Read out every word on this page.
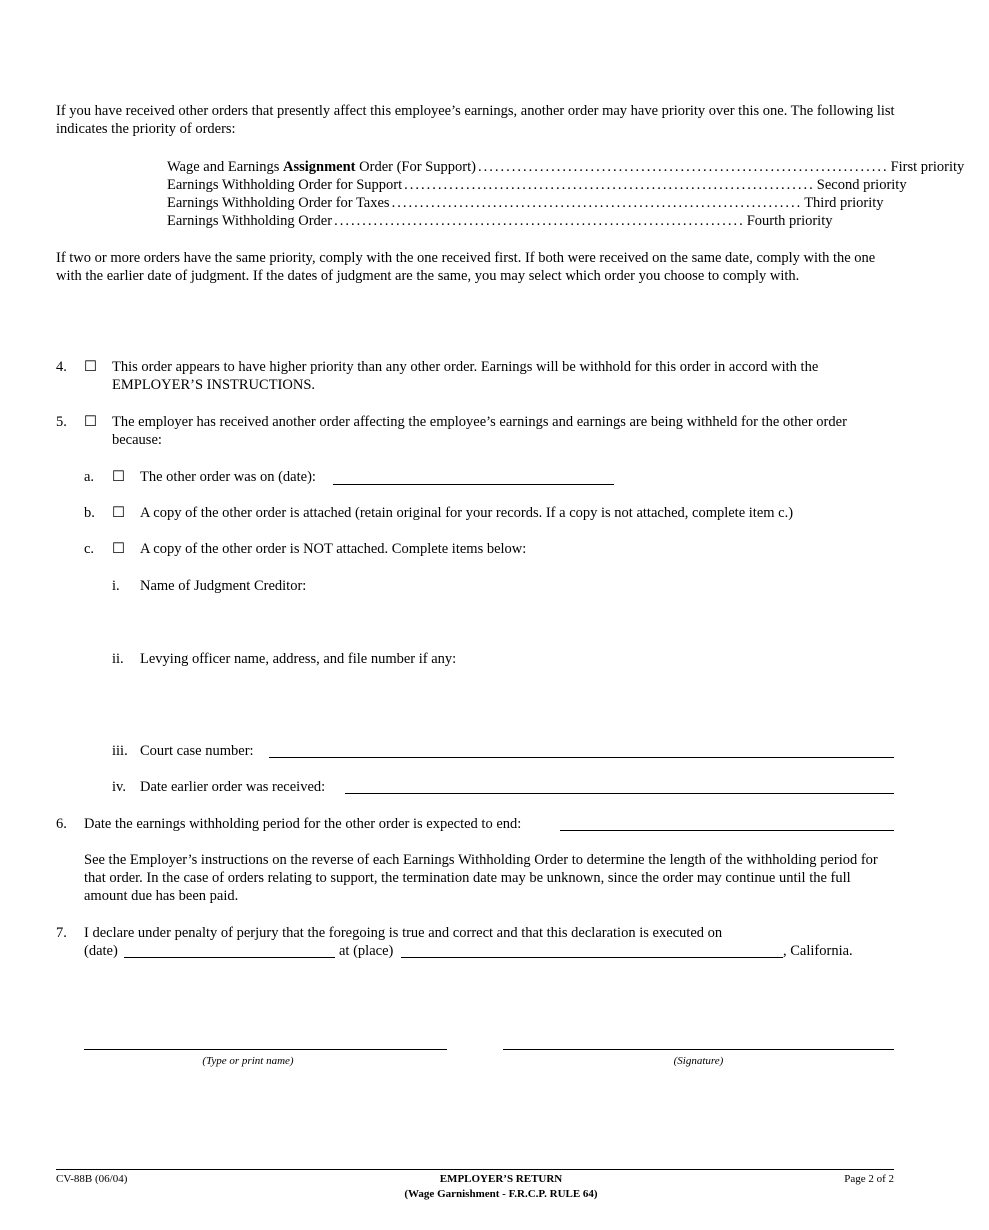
If you have received other orders that presently affect this employee’s earnings, another order may have priority over this one. The following list indicates the priority of orders:
Wage and Earnings Assignment Order (For Support) ......................................................................... First priority
Earnings Withholding Order for Support ......................................................................... Second priority
Earnings Withholding Order for Taxes ......................................................................... Third priority
Earnings Withholding Order ......................................................................... Fourth priority
If two or more orders have the same priority, comply with the one received first. If both were received on the same date, comply with the one with the earlier date of judgment. If the dates of judgment are the same, you may select which order you choose to comply with.
4.	☐ This order appears to have higher priority than any other order. Earnings will be withhold for this order in accord with the EMPLOYER’S INSTRUCTIONS.
5.	☐ The employer has received another order affecting the employee’s earnings and earnings are being withheld for the other order because:
a. ☐ The other order was on (date):
b. ☐ A copy of the other order is attached (retain original for your records. If a copy is not attached, complete item c.)
c. ☐ A copy of the other order is NOT attached. Complete items below:
i. Name of Judgment Creditor:
ii. Levying officer name, address, and file number if any:
iii. Court case number:
iv. Date earlier order was received:
6.	Date the earnings withholding period for the other order is expected to end:
See the Employer’s instructions on the reverse of each Earnings Withholding Order to determine the length of the withholding period for that order. In the case of orders relating to support, the termination date may be unknown, since the order may continue until the full amount due has been paid.
7.	I declare under penalty of perjury that the foregoing is true and correct and that this declaration is executed on
(date)	at (place)	, California.
(Type or print name)	(Signature)
CV-88B (06/04)	EMPLOYER’S RETURN
(Wage Garnishment - F.R.C.P. RULE 64)
Page 2 of 2
